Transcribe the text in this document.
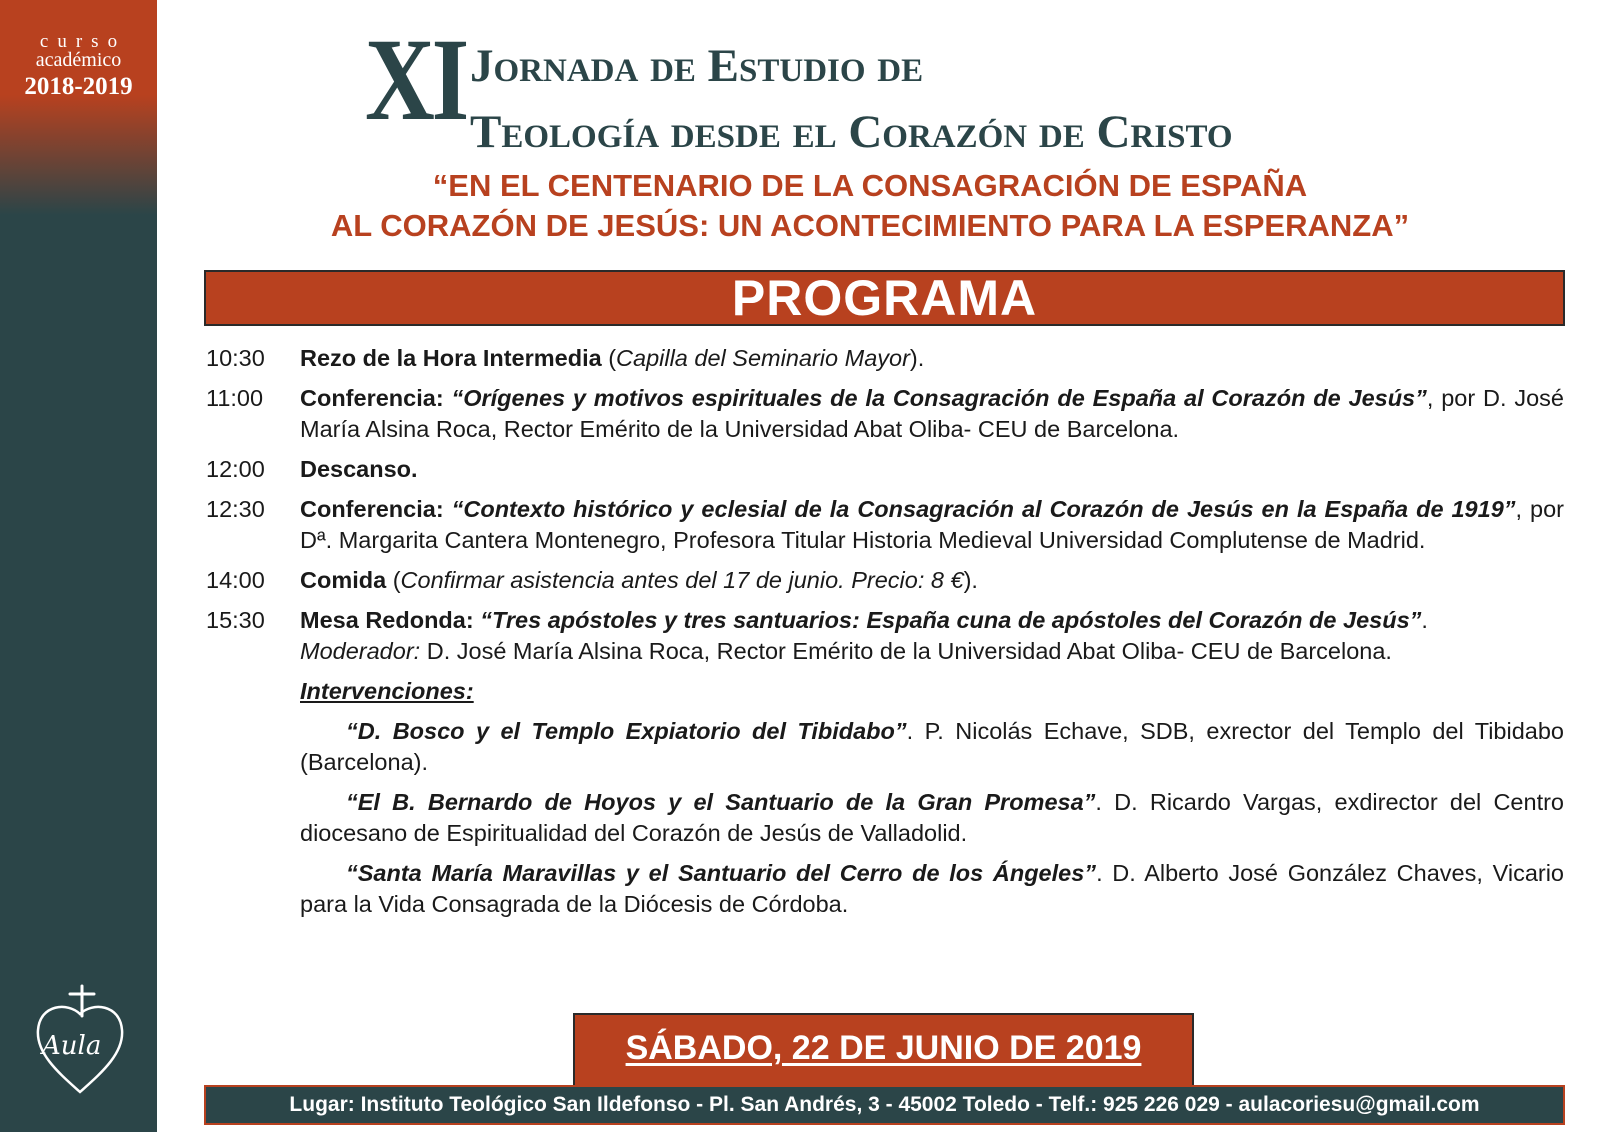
curso
académico
2018-2019
Aula
XI Jornada de Estudio de
Teología desde el Corazón de Cristo
“EN EL CENTENARIO DE LA CONSAGRACIÓN DE ESPAÑA
AL CORAZÓN DE JESÚS: UN ACONTECIMIENTO PARA LA ESPERANZA”
PROGRAMA
10:30	Rezo de la Hora Intermedia (Capilla del Seminario Mayor).
11:00	Conferencia: “Orígenes y motivos espirituales de la Consagración de España al Corazón de Jesús”, por D. José María Alsina Roca, Rector Emérito de la Universidad Abat Oliba- CEU de Barcelona.
12:00	Descanso.
12:30	Conferencia: “Contexto histórico y eclesial de la Consagración al Corazón de Jesús en la España de 1919”, por Dª. Margarita Cantera Montenegro, Profesora Titular Historia Medieval Universidad Complutense de Madrid.
14:00	Comida (Confirmar asistencia antes del 17 de junio. Precio: 8 €).
15:30	Mesa Redonda: “Tres apóstoles y tres santuarios: España cuna de apóstoles del Corazón de Jesús”.
Moderador: D. José María Alsina Roca, Rector Emérito de la Universidad Abat Oliba- CEU de Barcelona.
Intervenciones:
“D. Bosco y el Templo Expiatorio del Tibidabo”. P. Nicolás Echave, SDB, exrector del Templo del Tibidabo (Barcelona).
“El B. Bernardo de Hoyos y el Santuario de la Gran Promesa”. D. Ricardo Vargas, exdirector del Centro diocesano de Espiritualidad del Corazón de Jesús de Valladolid.
“Santa María Maravillas y el Santuario del Cerro de los Ángeles”. D. Alberto José González Chaves, Vicario para la Vida Consagrada de la Diócesis de Córdoba.
SÁBADO, 22 DE JUNIO DE 2019
Lugar: Instituto Teológico San Ildefonso - Pl. San Andrés, 3 - 45002 Toledo - Telf.: 925 226 029 - aulacoriesu@gmail.com
